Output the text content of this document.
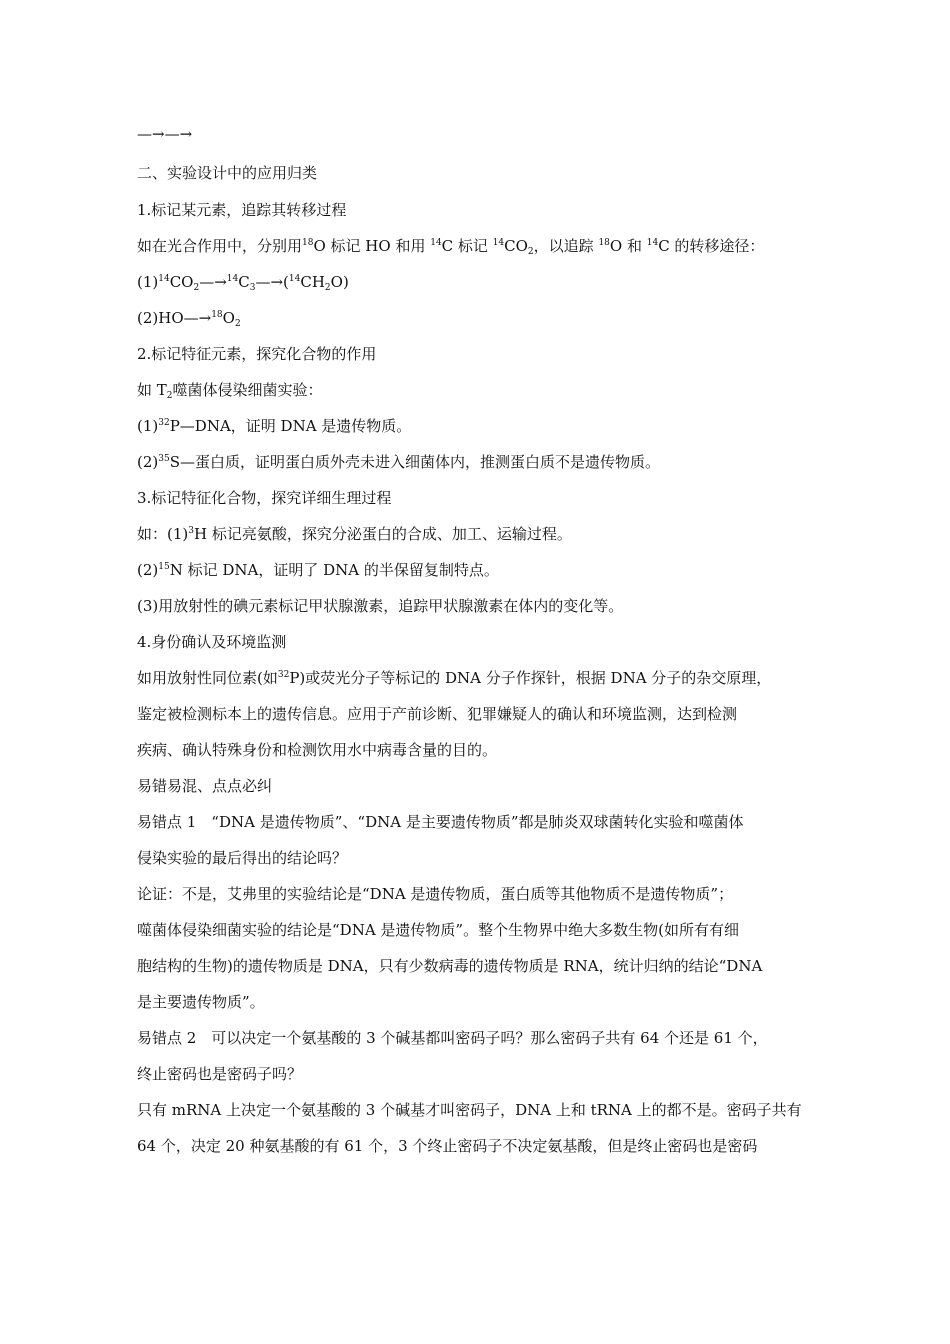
—→—→
二、实验设计中的应用归类
1.标记某元素，追踪其转移过程
如在光合作用中，分别用$^{18}$O 标记 HO 和用 $^{14}$C 标记 $^{14}CO_2$，以追踪 $^{18}$O 和 $^{14}$C 的转移途径：
$(1)^{14}CO_2—\to^{14}C_3—\to(^{14}CH_2O)$
$(2)HO—\to^{18}O_2$
2.标记特征元素，探究化合物的作用
如 $T_2$噬菌体侵染细菌实验：
$(1)^{32}P—DNA$，证明 DNA 是遗传物质。
$(2)^{35}S—$蛋白质，证明蛋白质外壳未进入细菌体内，推测蛋白质不是遗传物质。
3.标记特征化合物，探究详细生理过程
如：$(1)^3H$ 标记亮氨酸，探究分泌蛋白的合成、加工、运输过程。
$(2)^{15}N$ 标记 DNA，证明了 DNA 的半保留复制特点。
(3)用放射性的碘元素标记甲状腺激素，追踪甲状腺激素在体内的变化等。
4.身份确认及环境监测
如用放射性同位素(如$^{32}$P)或荧光分子等标记的 DNA 分子作探针，根据 DNA 分子的杂交原理，
鉴定被检测标本上的遗传信息。应用于产前诊断、犯罪嫌疑人的确认和环境监测，达到检测
疾病、确认特殊身份和检测饮用水中病毒含量的目的。
易错易混、点点必纠
易错点 1　“DNA 是遗传物质”、“DNA 是主要遗传物质”都是肺炎双球菌转化实验和噬菌体
侵染实验的最后得出的结论吗？
论证：不是，艾弗里的实验结论是“DNA 是遗传物质，蛋白质等其他物质不是遗传物质”；
噬菌体侵染细菌实验的结论是“DNA 是遗传物质”。整个生物界中绝大多数生物(如所有有细
胞结构的生物)的遗传物质是 DNA，只有少数病毒的遗传物质是 RNA，统计归纳的结论“DNA
是主要遗传物质”。
易错点 2　可以决定一个氨基酸的 3 个碱基都叫密码子吗？那么密码子共有 64 个还是 61 个，
终止密码也是密码子吗？
只有 mRNA 上决定一个氨基酸的 3 个碱基才叫密码子，DNA 上和 tRNA 上的都不是。密码子共有
64 个，决定 20 种氨基酸的有 61 个，3 个终止密码子不决定氨基酸，但是终止密码也是密码
